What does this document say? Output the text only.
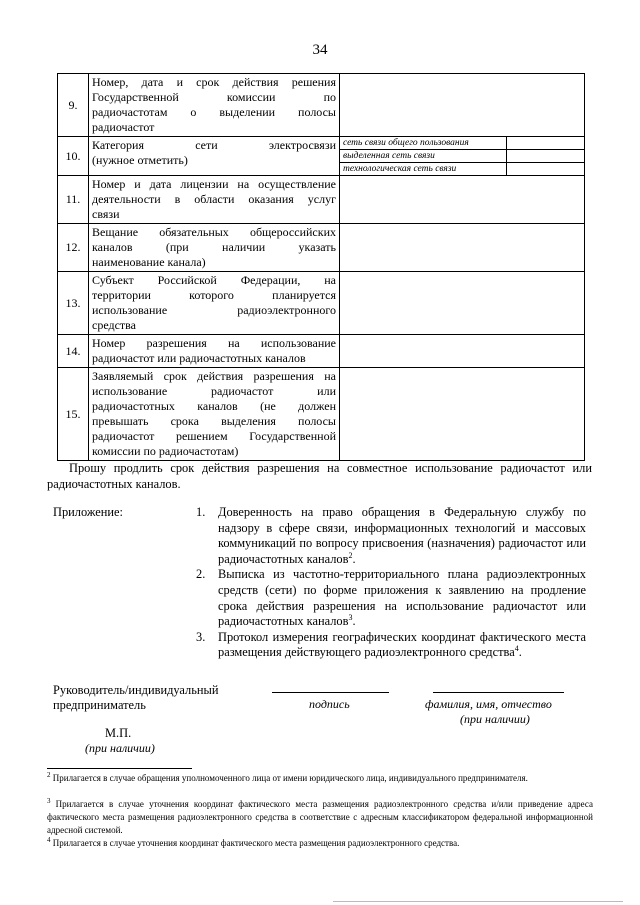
34
9.	Номер, дата и срок действия решения
Государственной комиссии по
радиочастотам о выделении полосы

радиочастот

10.	Категория сети электросвязи

(нужное отметить)

сеть связи общего пользования	
выделенная сеть связи	
технологическая сеть связи	

11.	Номер и дата лицензии на осуществление
деятельности в области оказания услуг

связи

12.	Вещание обязательных общероссийских
каналов (при наличии указать

наименование канала)

13.	Субъект Российской Федерации, на
территории которого планируется
использование радиоэлектронного

средства

14.	Номер разрешения на использование

радиочастот или радиочастотных каналов

15.	Заявляемый срок действия разрешения на
использование радиочастот или
радиочастотных каналов (не должен
превышать срока выделения полосы
радиочастот решением Государственной

комиссии по радиочастотам)

Прошу продлить срок действия разрешения на совместное использование радиочастот или радиочастотных каналов.
Приложение:	1. Доверенность на право обращения в Федеральную службу по надзору в сфере связи, информационных технологий и массовых коммуникаций по вопросу присвоения (назначения) радиочастот или радиочастотных каналов$^2$.
2. Выписка из частотно-территориального плана радиоэлектронных средств (сети) по форме приложения к заявлению на продление срока действия разрешения на использование радиочастот или радиочастотных каналов$^3$.
3. Протокол измерения географических координат фактического места размещения действующего радиоэлектронного средства$^4$.
Руководитель/индивидуальный
предприниматель	подпись	фамилия, имя, отчество
(при наличии)
М.П.
(при наличии)
$^2$ Прилагается в случае обращения уполномоченного лица от имени юридического лица, индивидуального предпринимателя.
$^3$ Прилагается в случае уточнения координат фактического места размещения радиоэлектронного средства и/или приведение адреса фактического места размещения радиоэлектронного средства в соответствие с адресным классификатором федеральной информационной адресной системой.
$^4$ Прилагается в случае уточнения координат фактического места размещения радиоэлектронного средства.
